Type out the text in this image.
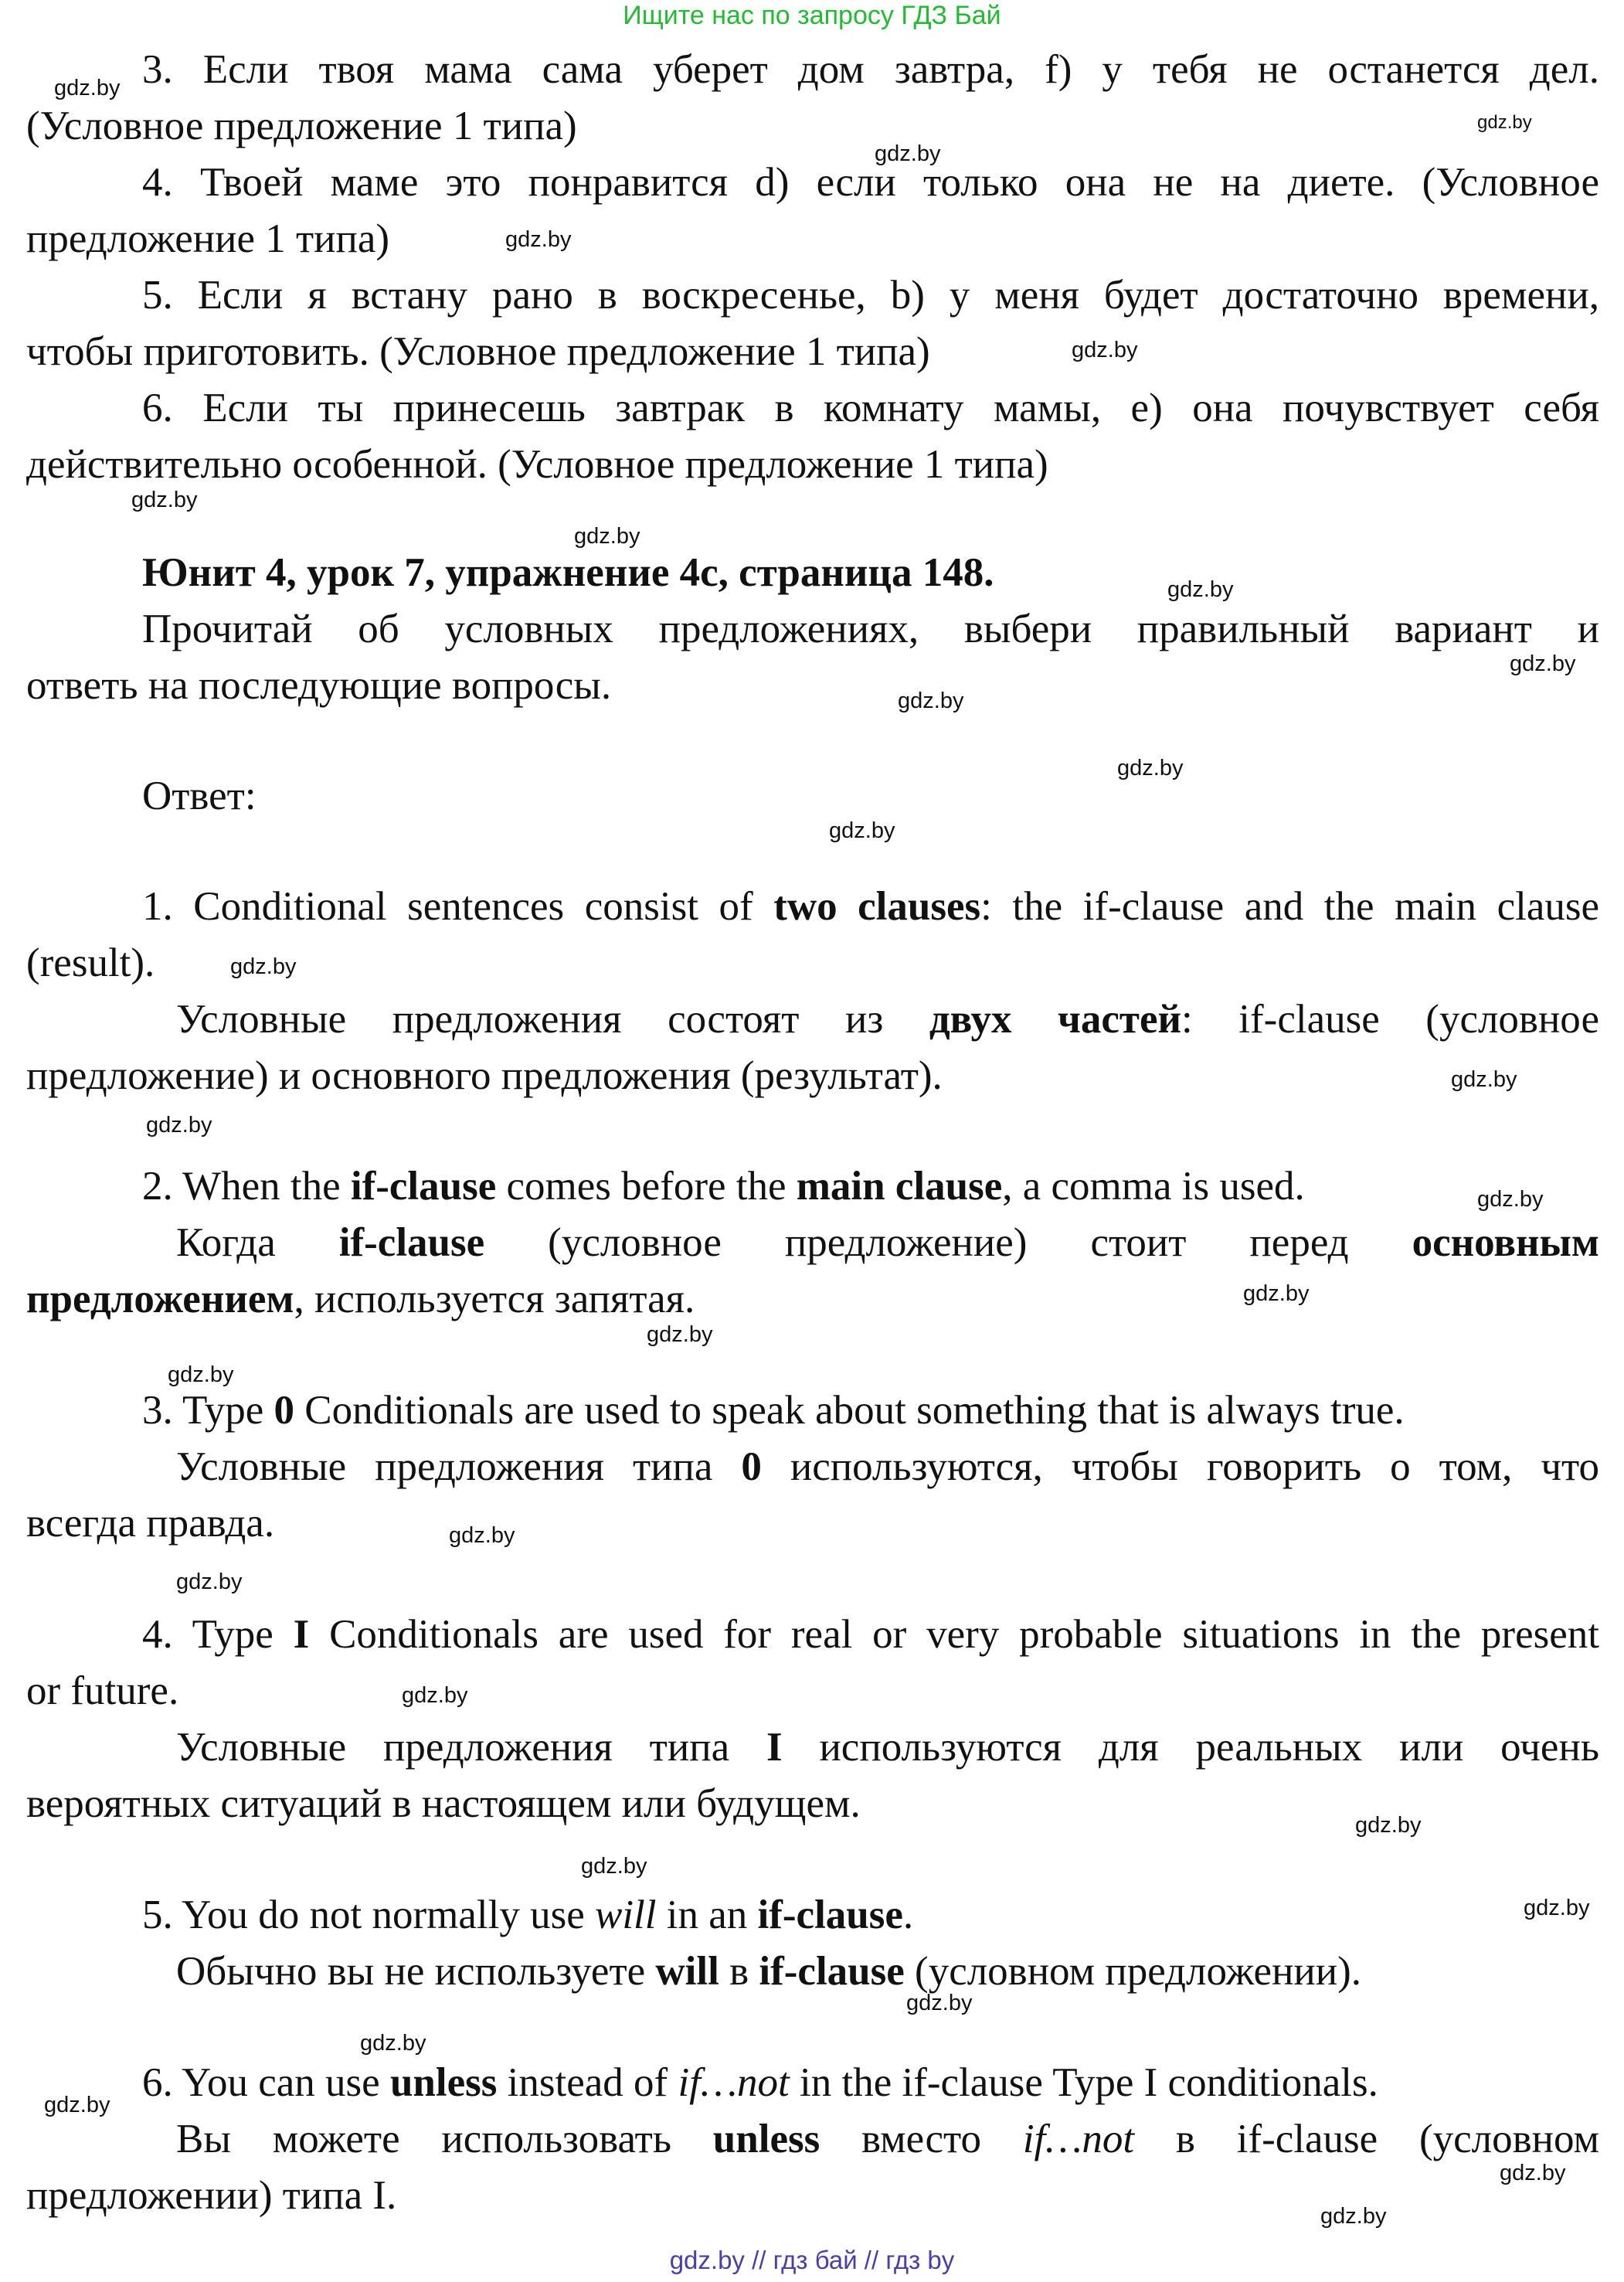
Ищите нас по запросу ГДЗ Бай

3. Если твоя мама сама уберет дом завтра, f) у тебя не останется дел.

(Условное предложение 1 типа)

4. Твоей маме это понравится d) если только она не на диете. (Условное

предложение 1 типа)

5. Если я встану рано в воскресенье, b) у меня будет достаточно времени,

чтобы приготовить. (Условное предложение 1 типа)

6. Если ты принесешь завтрак в комнату мамы, e) она почувствует себя

действительно особенной. (Условное предложение 1 типа)

Юнит 4, урок 7, упражнение 4с, страница 148.

Прочитай об условных предложениях, выбери правильный вариант и

ответь на последующие вопросы.

Ответ:

1. Conditional sentences consist of two clauses: the if-clause and the main clause

(result).

Условные предложения состоят из двух частей: if-clause (условное

предложение) и основного предложения (результат).

2. When the if-clause comes before the main clause, a comma is used.

Когда if-clause (условное предложение) стоит перед основным

предложением, используется запятая.

3. Type 0 Conditionals are used to speak about something that is always true.

Условные предложения типа 0 используются, чтобы говорить о том, что

всегда правда.

4. Type I Conditionals are used for real or very probable situations in the present

or future.

Условные предложения типа I используются для реальных или очень

вероятных ситуаций в настоящем или будущем.

5. You do not normally use will in an if-clause.

Обычно вы не используете will в if-clause (условном предложении).

6. You can use unless instead of if…not in the if-clause Type I conditionals.

Вы можете использовать unless вместо if…not в if-clause (условном

предложении) типа I.

gdz.by
gdz.by
gdz.by
gdz.by
gdz.by
gdz.by
gdz.by
gdz.by
gdz.by
gdz.by
gdz.by
gdz.by
gdz.by
gdz.by
gdz.by
gdz.by
gdz.by
gdz.by
gdz.by
gdz.by
gdz.by
gdz.by
gdz.by
gdz.by
gdz.by
gdz.by
gdz.by
gdz.by
gdz.by
gdz.by
gdz.by // гдз бай // гдз by
